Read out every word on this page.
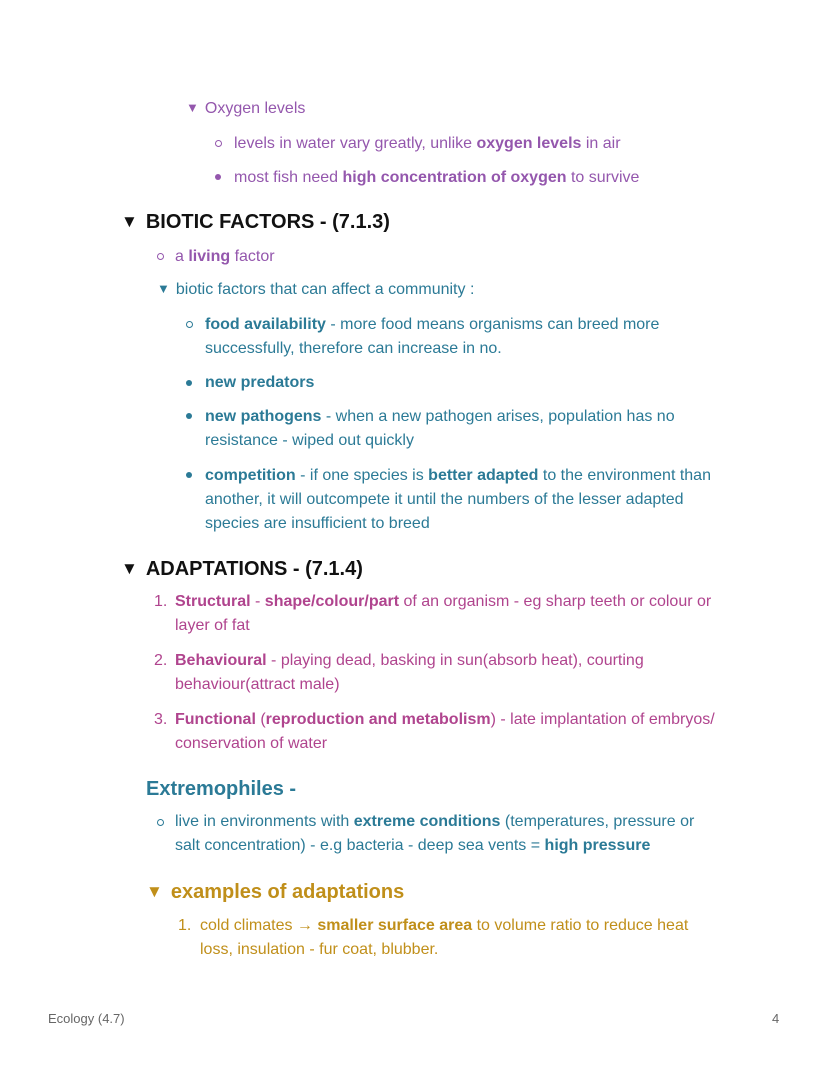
▼ Oxygen levels
levels in water vary greatly, unlike oxygen levels in air
most fish need high concentration of oxygen to survive
▼ BIOTIC FACTORS - (7.1.3)
a living factor
▼ biotic factors that can affect a community :
food availability - more food means organisms can breed more
successfully, therefore can increase in no.
new predators
new pathogens - when a new pathogen arises, population has no
resistance - wiped out quickly
competition - if one species is better adapted to the environment than
another, it will outcompete it until the numbers of the lesser adapted
species are insufficient to breed
▼ ADAPTATIONS - (7.1.4)
1. Structural - shape/colour/part of an organism - eg sharp teeth or colour or
layer of fat
2. Behavioural - playing dead, basking in sun(absorb heat), courting
behaviour(attract male)
3. Functional (reproduction and metabolism) - late implantation of embryos/
conservation of water
Extremophiles -
live in environments with extreme conditions (temperatures, pressure or
salt concentration) - e.g bacteria - deep sea vents = high pressure
▼ examples of adaptations
1. cold climates → smaller surface area to volume ratio to reduce heat
loss, insulation - fur coat, blubber.
Ecology (4.7)	4
